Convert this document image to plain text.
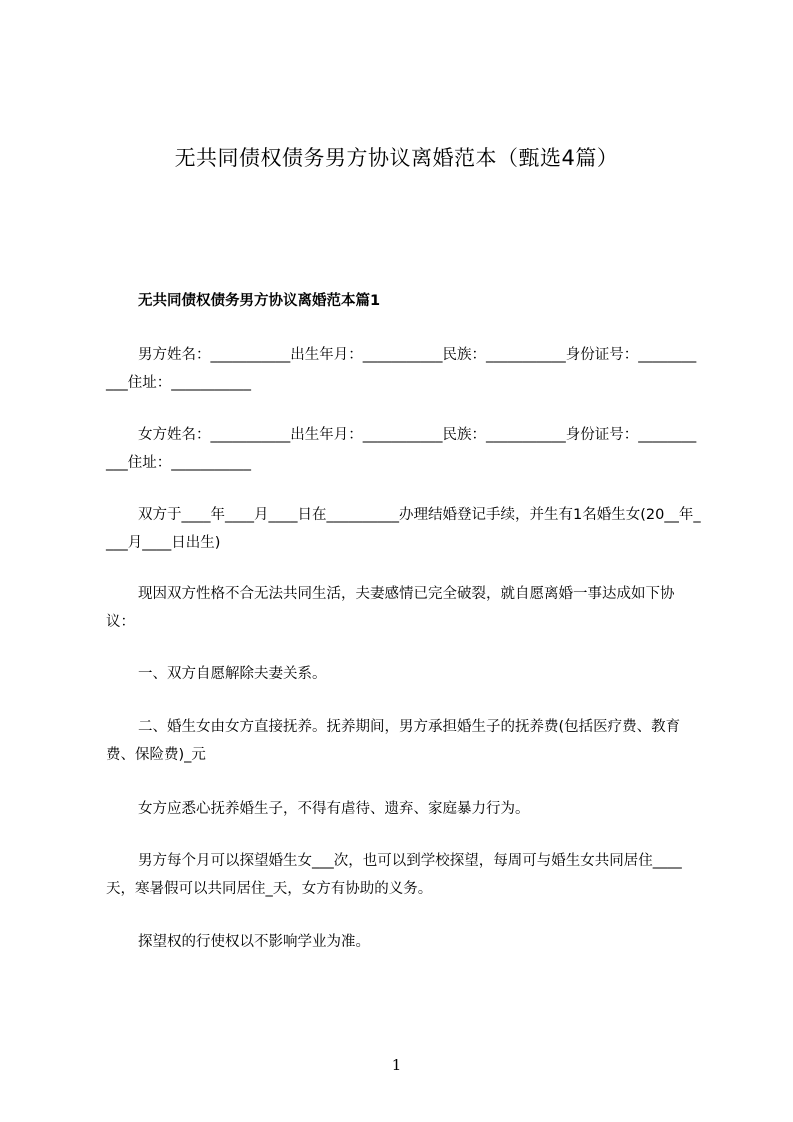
无共同债权债务男方协议离婚范本（甄选4篇）
无共同债权债务男方协议离婚范本篇1

男方姓名：___________出生年月：___________民族：___________身份证号：___________住址：___________

女方姓名：___________出生年月：___________民族：___________身份证号：___________住址：___________

双方于____年____月____日在__________办理结婚登记手续，并生有1名婚生女(20__年____月____日出生)

现因双方性格不合无法共同生活，夫妻感情已完全破裂，就自愿离婚一事达成如下协议：

一、双方自愿解除夫妻关系。

二、婚生女由女方直接抚养。抚养期间，男方承担婚生子的抚养费(包括医疗费、教育费、保险费)_元

女方应悉心抚养婚生子，不得有虐待、遗弃、家庭暴力行为。

男方每个月可以探望婚生女___次，也可以到学校探望，每周可与婚生女共同居住____天，寒暑假可以共同居住_天，女方有协助的义务。

探望权的行使权以不影响学业为准。

1
